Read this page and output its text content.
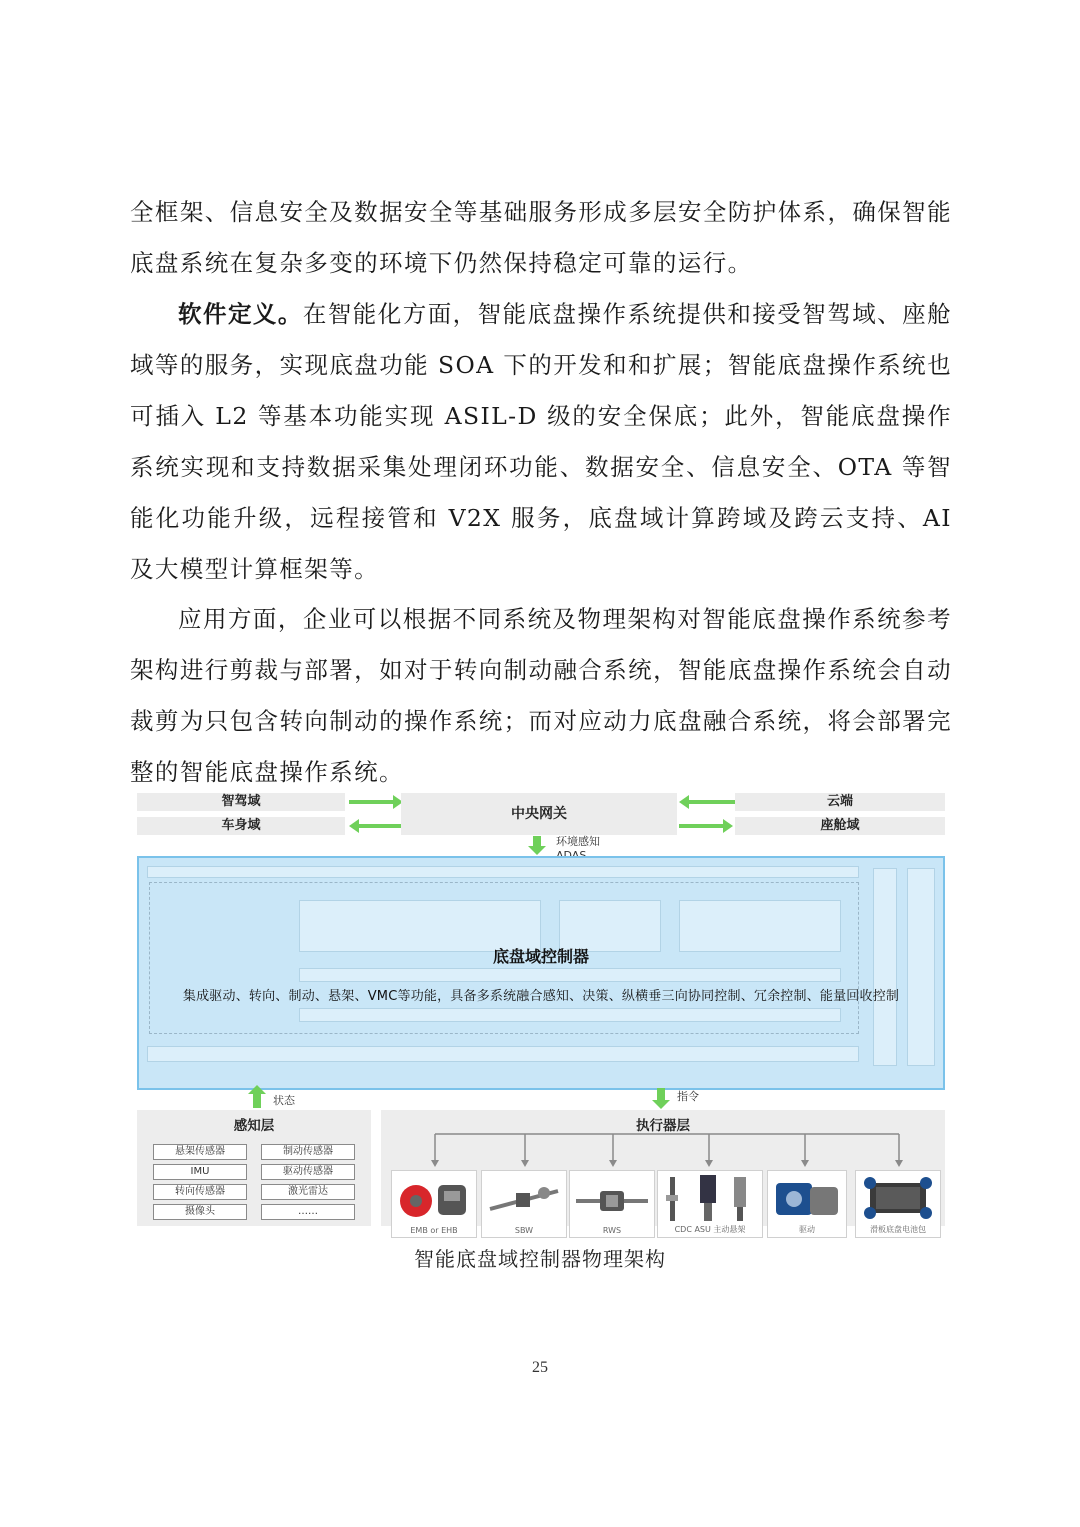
全框架、信息安全及数据安全等基础服务形成多层安全防护体系，确保智能底盘系统在复杂多变的环境下仍然保持稳定可靠的运行。

软件定义。在智能化方面，智能底盘操作系统提供和接受智驾域、座舱域等的服务，实现底盘功能 SOA 下的开发和和扩展；智能底盘操作系统也可插入 L2 等基本功能实现 ASIL-D 级的安全保底；此外，智能底盘操作系统实现和支持数据采集处理闭环功能、数据安全、信息安全、OTA 等智能化功能升级，远程接管和 V2X 服务，底盘域计算跨域及跨云支持、AI 及大模型计算框架等。

应用方面，企业可以根据不同系统及物理架构对智能底盘操作系统参考架构进行剪裁与部署，如对于转向制动融合系统，智能底盘操作系统会自动裁剪为只包含转向制动的操作系统；而对应动力底盘融合系统，将会部署完整的智能底盘操作系统。

智驾域
车身域
中央网关
云端
座舱域
环境感知
底盘域控制器
集成驱动、转向、制动、悬架、VMC等功能，具备多系统融合感知、决策、纵横垂三向协同控制、冗余控制、能量回收控制
状态	指令
感知层
悬架传感器	制动传感器
IMU	驱动传感器
转向传感器	激光雷达
摄像头	……
执行器层
EMB or EHB	SBW	RWS	CDC ASU 主动悬架	驱动	滑板底盘电池包
智能底盘域控制器物理架构
25
